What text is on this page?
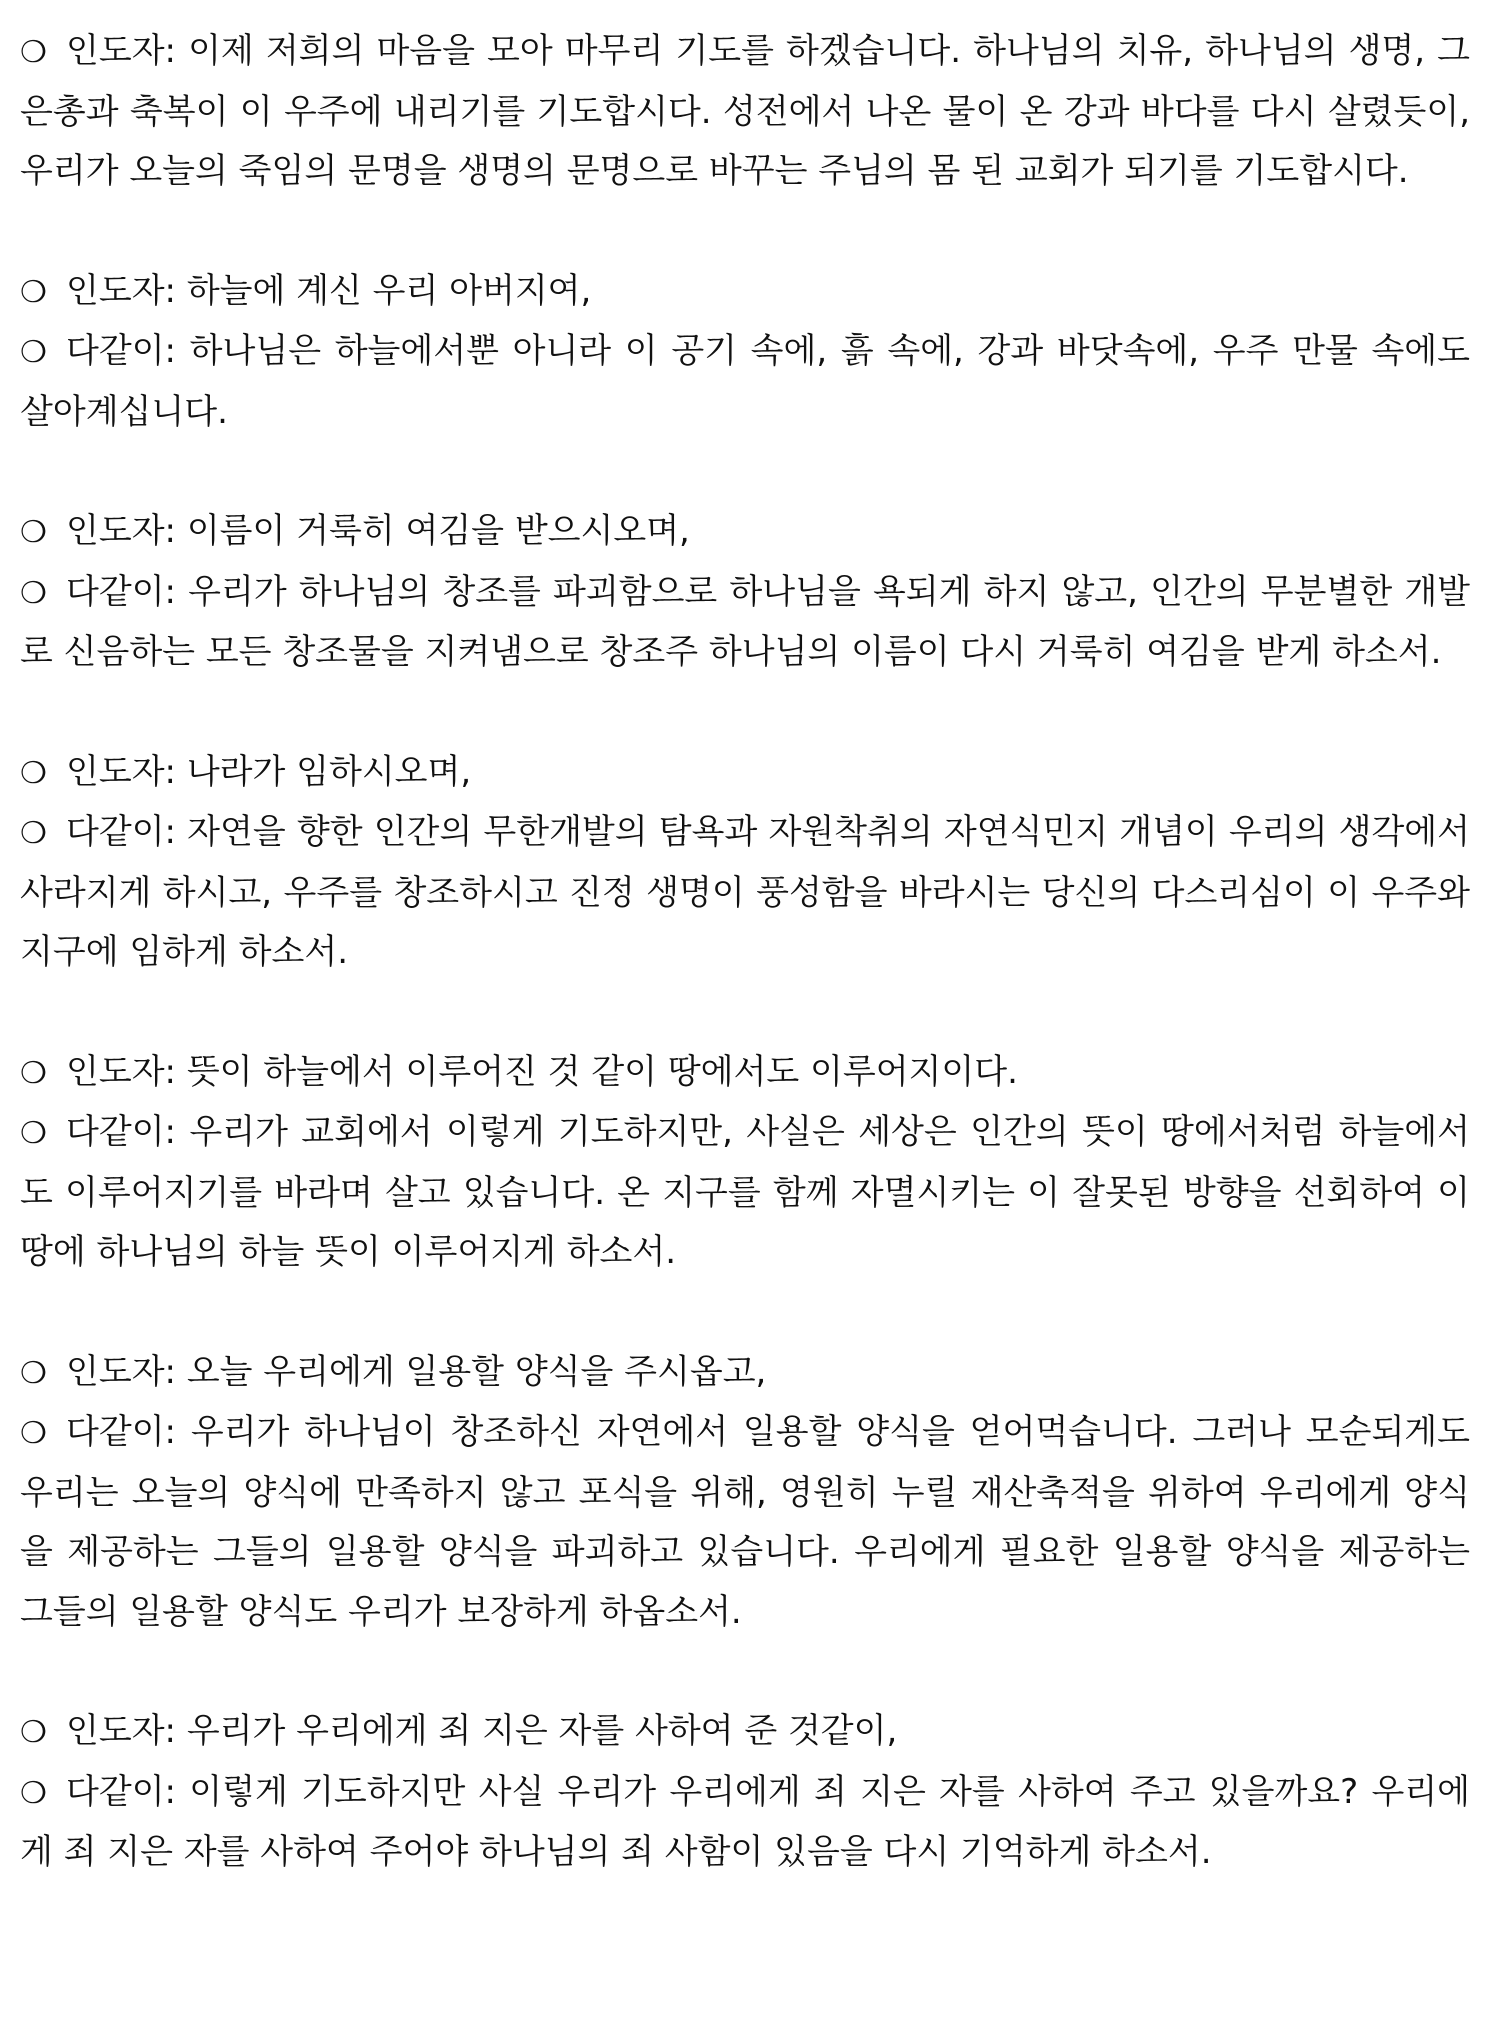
❍ 인도자: 이제 저희의 마음을 모아 마무리 기도를 하겠습니다. 하나님의 치유, 하나님의 생명, 그 은총과 축복이 이 우주에 내리기를 기도합시다. 성전에서 나온 물이 온 강과 바다를 다시 살렸듯이, 우리가 오늘의 죽임의 문명을 생명의 문명으로 바꾸는 주님의 몸 된 교회가 되기를 기도합시다.

❍ 인도자: 하늘에 계신 우리 아버지여,

❍ 다같이: 하나님은 하늘에서뿐 아니라 이 공기 속에, 흙 속에, 강과 바닷속에, 우주 만물 속에도 살아계십니다.

❍ 인도자: 이름이 거룩히 여김을 받으시오며,

❍ 다같이: 우리가 하나님의 창조를 파괴함으로 하나님을 욕되게 하지 않고, 인간의 무분별한 개발로 신음하는 모든 창조물을 지켜냄으로 창조주 하나님의 이름이 다시 거룩히 여김을 받게 하소서.

❍ 인도자: 나라가 임하시오며,

❍ 다같이: 자연을 향한 인간의 무한개발의 탐욕과 자원착취의 자연식민지 개념이 우리의 생각에서 사라지게 하시고, 우주를 창조하시고 진정 생명이 풍성함을 바라시는 당신의 다스리심이 이 우주와 지구에 임하게 하소서.

❍ 인도자: 뜻이 하늘에서 이루어진 것 같이 땅에서도 이루어지이다.

❍ 다같이: 우리가 교회에서 이렇게 기도하지만, 사실은 세상은 인간의 뜻이 땅에서처럼 하늘에서도 이루어지기를 바라며 살고 있습니다. 온 지구를 함께 자멸시키는 이 잘못된 방향을 선회하여 이 땅에 하나님의 하늘 뜻이 이루어지게 하소서.

❍ 인도자: 오늘 우리에게 일용할 양식을 주시옵고,

❍ 다같이: 우리가 하나님이 창조하신 자연에서 일용할 양식을 얻어먹습니다. 그러나 모순되게도 우리는 오늘의 양식에 만족하지 않고 포식을 위해, 영원히 누릴 재산축적을 위하여 우리에게 양식을 제공하는 그들의 일용할 양식을 파괴하고 있습니다. 우리에게 필요한 일용할 양식을 제공하는 그들의 일용할 양식도 우리가 보장하게 하옵소서.

❍ 인도자: 우리가 우리에게 죄 지은 자를 사하여 준 것같이,

❍ 다같이: 이렇게 기도하지만 사실 우리가 우리에게 죄 지은 자를 사하여 주고 있을까요? 우리에게 죄 지은 자를 사하여 주어야 하나님의 죄 사함이 있음을 다시 기억하게 하소서.
